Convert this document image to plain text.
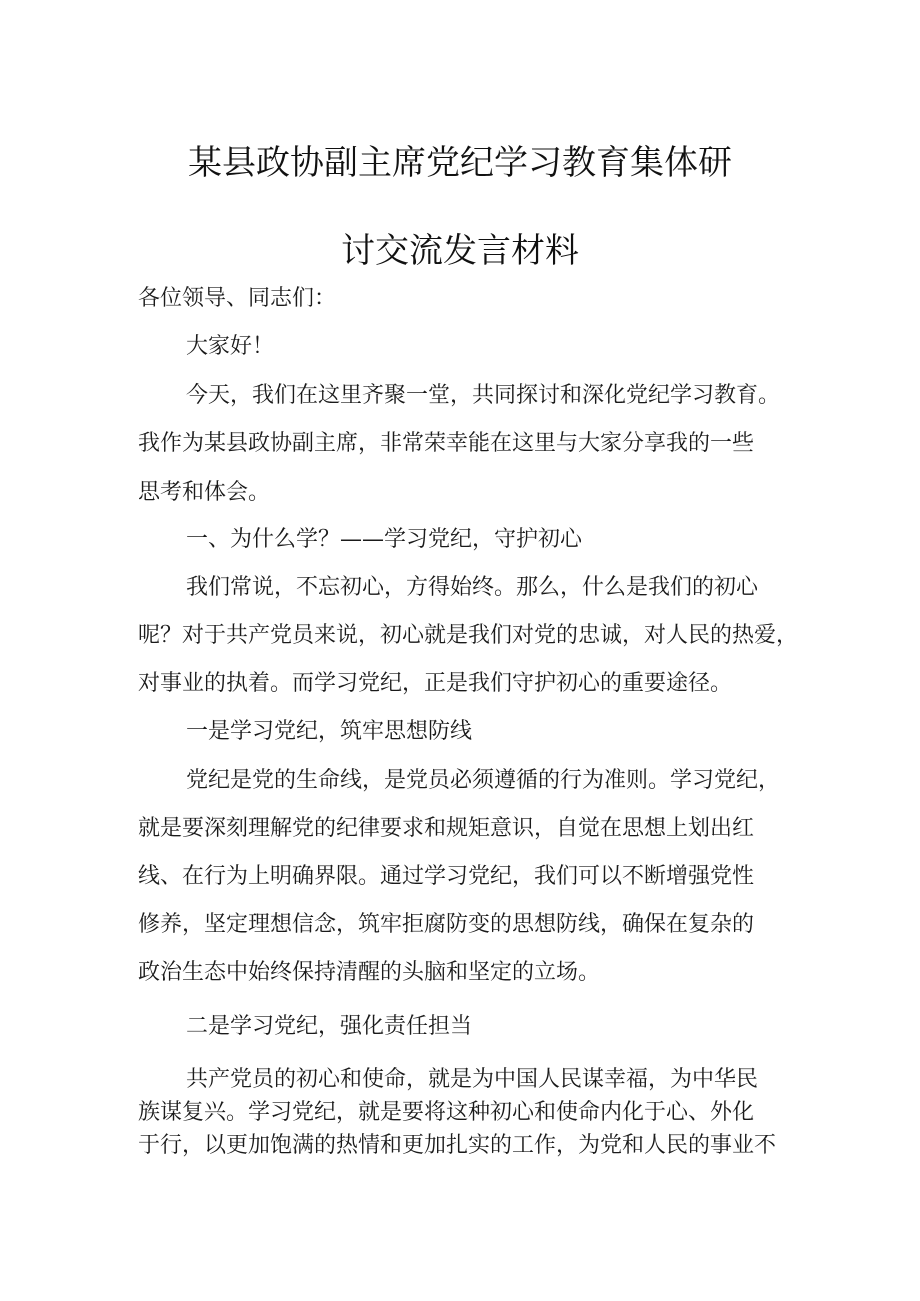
某县政协副主席党纪学习教育集体研
讨交流发言材料
各位领导、同志们：
大家好！
今天，我们在这里齐聚一堂，共同探讨和深化党纪学习教育。
我作为某县政协副主席，非常荣幸能在这里与大家分享我的一些
思考和体会。
一、为什么学？——学习党纪，守护初心
我们常说，不忘初心，方得始终。那么，什么是我们的初心
呢？对于共产党员来说，初心就是我们对党的忠诚，对人民的热爱，
对事业的执着。而学习党纪，正是我们守护初心的重要途径。
一是学习党纪，筑牢思想防线
党纪是党的生命线，是党员必须遵循的行为准则。学习党纪，
就是要深刻理解党的纪律要求和规矩意识，自觉在思想上划出红
线、在行为上明确界限。通过学习党纪，我们可以不断增强党性
修养，坚定理想信念，筑牢拒腐防变的思想防线，确保在复杂的
政治生态中始终保持清醒的头脑和坚定的立场。
二是学习党纪，强化责任担当
共产党员的初心和使命，就是为中国人民谋幸福，为中华民
族谋复兴。学习党纪，就是要将这种初心和使命内化于心、外化
于行，以更加饱满的热情和更加扎实的工作，为党和人民的事业不
